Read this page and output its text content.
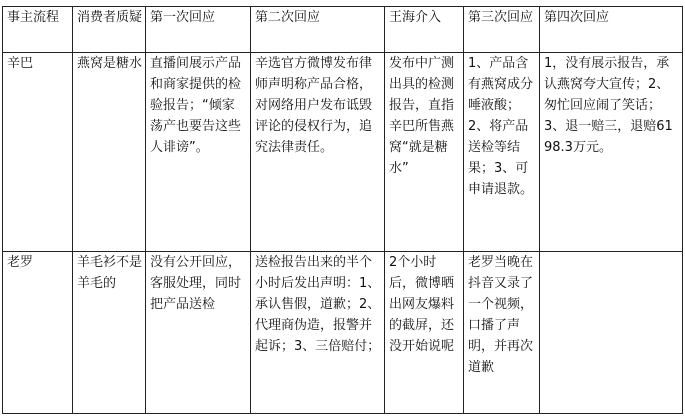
事主流程	消费者质疑	第一次回应	第二次回应	王海介入	第三次回应	第四次回应
辛巴	燕窝是糖水	直播间展示产品和商家提供的检验报告；“倾家荡产也要告这些人诽谤”。	辛选官方微博发布律师声明称产品合格，对网络用户发布诋毁评论的侵权行为，追究法律责任。	发布中广测出具的检测报告，直指辛巴所售燕窝“就是糖水”	1、产品含有燕窝成分唾液酸；2、将产品送检等结果；3、可申请退款。	1，没有展示报告，承认燕窝夸大宣传；2、匆忙回应闹了笑话；3、退一赔三，退赔6198.3万元。
老罗	羊毛衫不是羊毛的	没有公开回应，客服处理，同时把产品送检	送检报告出来的半个小时后发出声明：1、承认售假，道歉；2、代理商伪造，报警并起诉；3、三倍赔付；	2个小时后，微博晒出网友爆料的截屏，还没开始说呢	老罗当晚在抖音又录了一个视频，口播了声明，并再次道歉	
